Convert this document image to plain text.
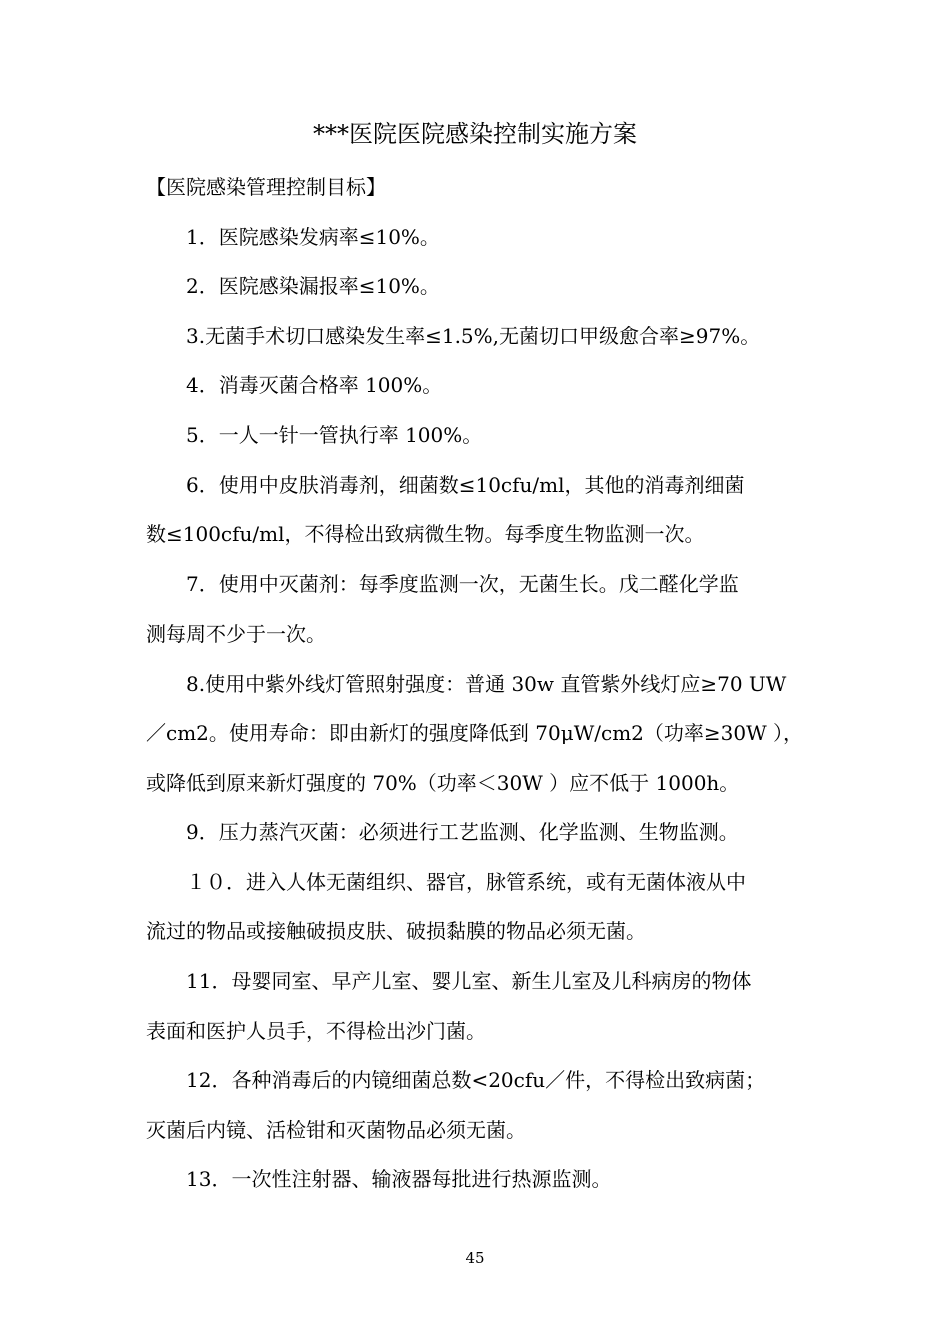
***医院医院感染控制实施方案
【医院感染管理控制目标】
1．医院感染发病率≤10%。
2．医院感染漏报率≤10%。
3.无菌手术切口感染发生率≤1.5%,无菌切口甲级愈合率≥97%。
4．消毒灭菌合格率 100%。
5．一人一针一管执行率 100%。
6．使用中皮肤消毒剂，细菌数≤10cfu/ml，其他的消毒剂细菌
数≤100cfu/ml，不得检出致病微生物。每季度生物监测一次。
7．使用中灭菌剂：每季度监测一次，无菌生长。戊二醛化学监
测每周不少于一次。
8.使用中紫外线灯管照射强度：普通 30w 直管紫外线灯应≥70 UW
／cm2。使用寿命：即由新灯的强度降低到 70μW/cm2（功率≥30W ），
或降低到原来新灯强度的 70%（功率＜30W ）应不低于 1000h。
9．压力蒸汽灭菌：必须进行工艺监测、化学监测、生物监测。
１０．进入人体无菌组织、器官，脉管系统，或有无菌体液从中
流过的物品或接触破损皮肤、破损黏膜的物品必须无菌。
11．母婴同室、早产儿室、婴儿室、新生儿室及儿科病房的物体
表面和医护人员手，不得检出沙门菌。
12．各种消毒后的内镜细菌总数<20cfu／件，不得检出致病菌；
灭菌后内镜、活检钳和灭菌物品必须无菌。
13．一次性注射器、输液器每批进行热源监测。
45
